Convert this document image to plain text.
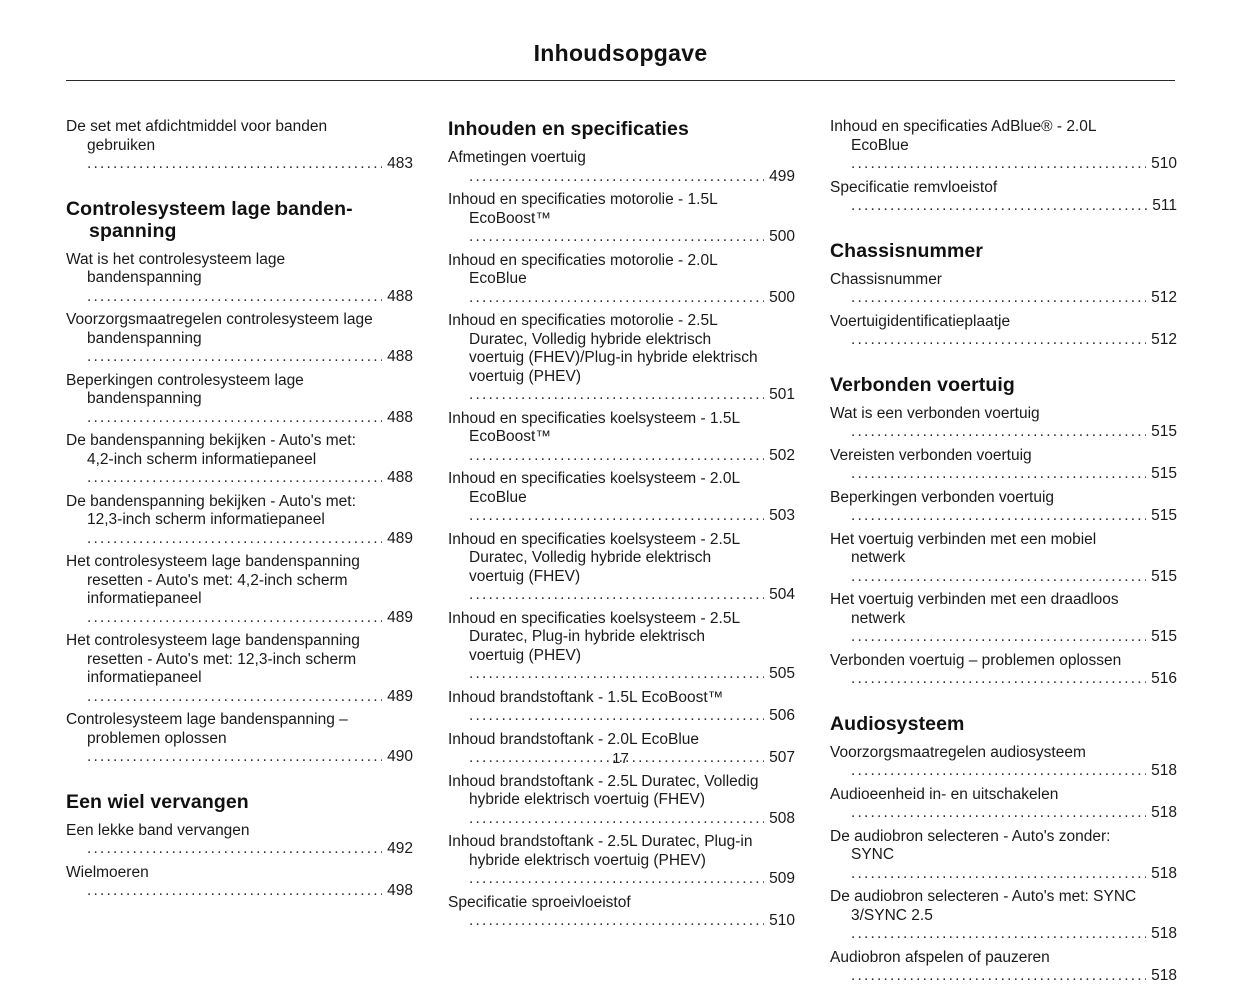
Inhoudsopgave

De set met afdichtmiddel voor banden gebruiken .....
483

Controlesysteem lage bandenspanning

Wat is het controlesysteem lage bandenspanning .....
488

Voorzorgsmaatregelen controlesysteem lage bandenspanning .....
488

Beperkingen controlesysteem lage bandenspanning .....
488

De bandenspanning bekijken - Auto's met: 4,2-inch scherm informatiepaneel .....
488

De bandenspanning bekijken - Auto's met: 12,3-inch scherm informatiepaneel .....
489

Het controlesysteem lage bandenspanning resetten - Auto's met: 4,2-inch scherm informatiepaneel .....
489

Het controlesysteem lage bandenspanning resetten - Auto's met: 12,3-inch scherm informatiepaneel .....
489

Controlesysteem lage bandenspanning – problemen oplossen .....
490

Een wiel vervangen

Een lekke band vervangen .....
492

Wielmoeren .....
498

Inhouden en specificaties

Afmetingen voertuig .....
499

Inhoud en specificaties motorolie - 1.5L EcoBoost™ .....
500

Inhoud en specificaties motorolie - 2.0L EcoBlue .....
500

Inhoud en specificaties motorolie - 2.5L Duratec, Volledig hybride elektrisch voertuig (FHEV)/Plug-in hybride elektrisch voertuig (PHEV) .....
501

Inhoud en specificaties koelsysteem - 1.5L EcoBoost™ .....
502

Inhoud en specificaties koelsysteem - 2.0L EcoBlue .....
503

Inhoud en specificaties koelsysteem - 2.5L Duratec, Volledig hybride elektrisch voertuig (FHEV) .....
504

Inhoud en specificaties koelsysteem - 2.5L Duratec, Plug-in hybride elektrisch voertuig (PHEV) .....
505

Inhoud brandstoftank - 1.5L EcoBoost™ .....
506

Inhoud brandstoftank - 2.0L EcoBlue .....
507

Inhoud brandstoftank - 2.5L Duratec, Volledig hybride elektrisch voertuig (FHEV) .....
508

Inhoud brandstoftank - 2.5L Duratec, Plug-in hybride elektrisch voertuig (PHEV) .....
509

Specificatie sproeivloeistof .....
510

Inhoud en specificaties AdBlue® - 2.0L EcoBlue .....
510

Specificatie remvloeistof .....
511

Chassisnummer

Chassisnummer .....
512

Voertuigidentificatieplaatje .....
512

Verbonden voertuig

Wat is een verbonden voertuig .....
515

Vereisten verbonden voertuig .....
515

Beperkingen verbonden voertuig .....
515

Het voertuig verbinden met een mobiel netwerk .....
515

Het voertuig verbinden met een draadloos netwerk .....
515

Verbonden voertuig – problemen oplossen .....
516

Audiosysteem

Voorzorgsmaatregelen audiosysteem .....
518

Audioeenheid in- en uitschakelen .....
518

De audiobron selecteren - Auto's zonder: SYNC .....
518

De audiobron selecteren - Auto's met: SYNC 3/SYNC 2.5 .....
518

Audiobron afspelen of pauzeren .....
518

17
